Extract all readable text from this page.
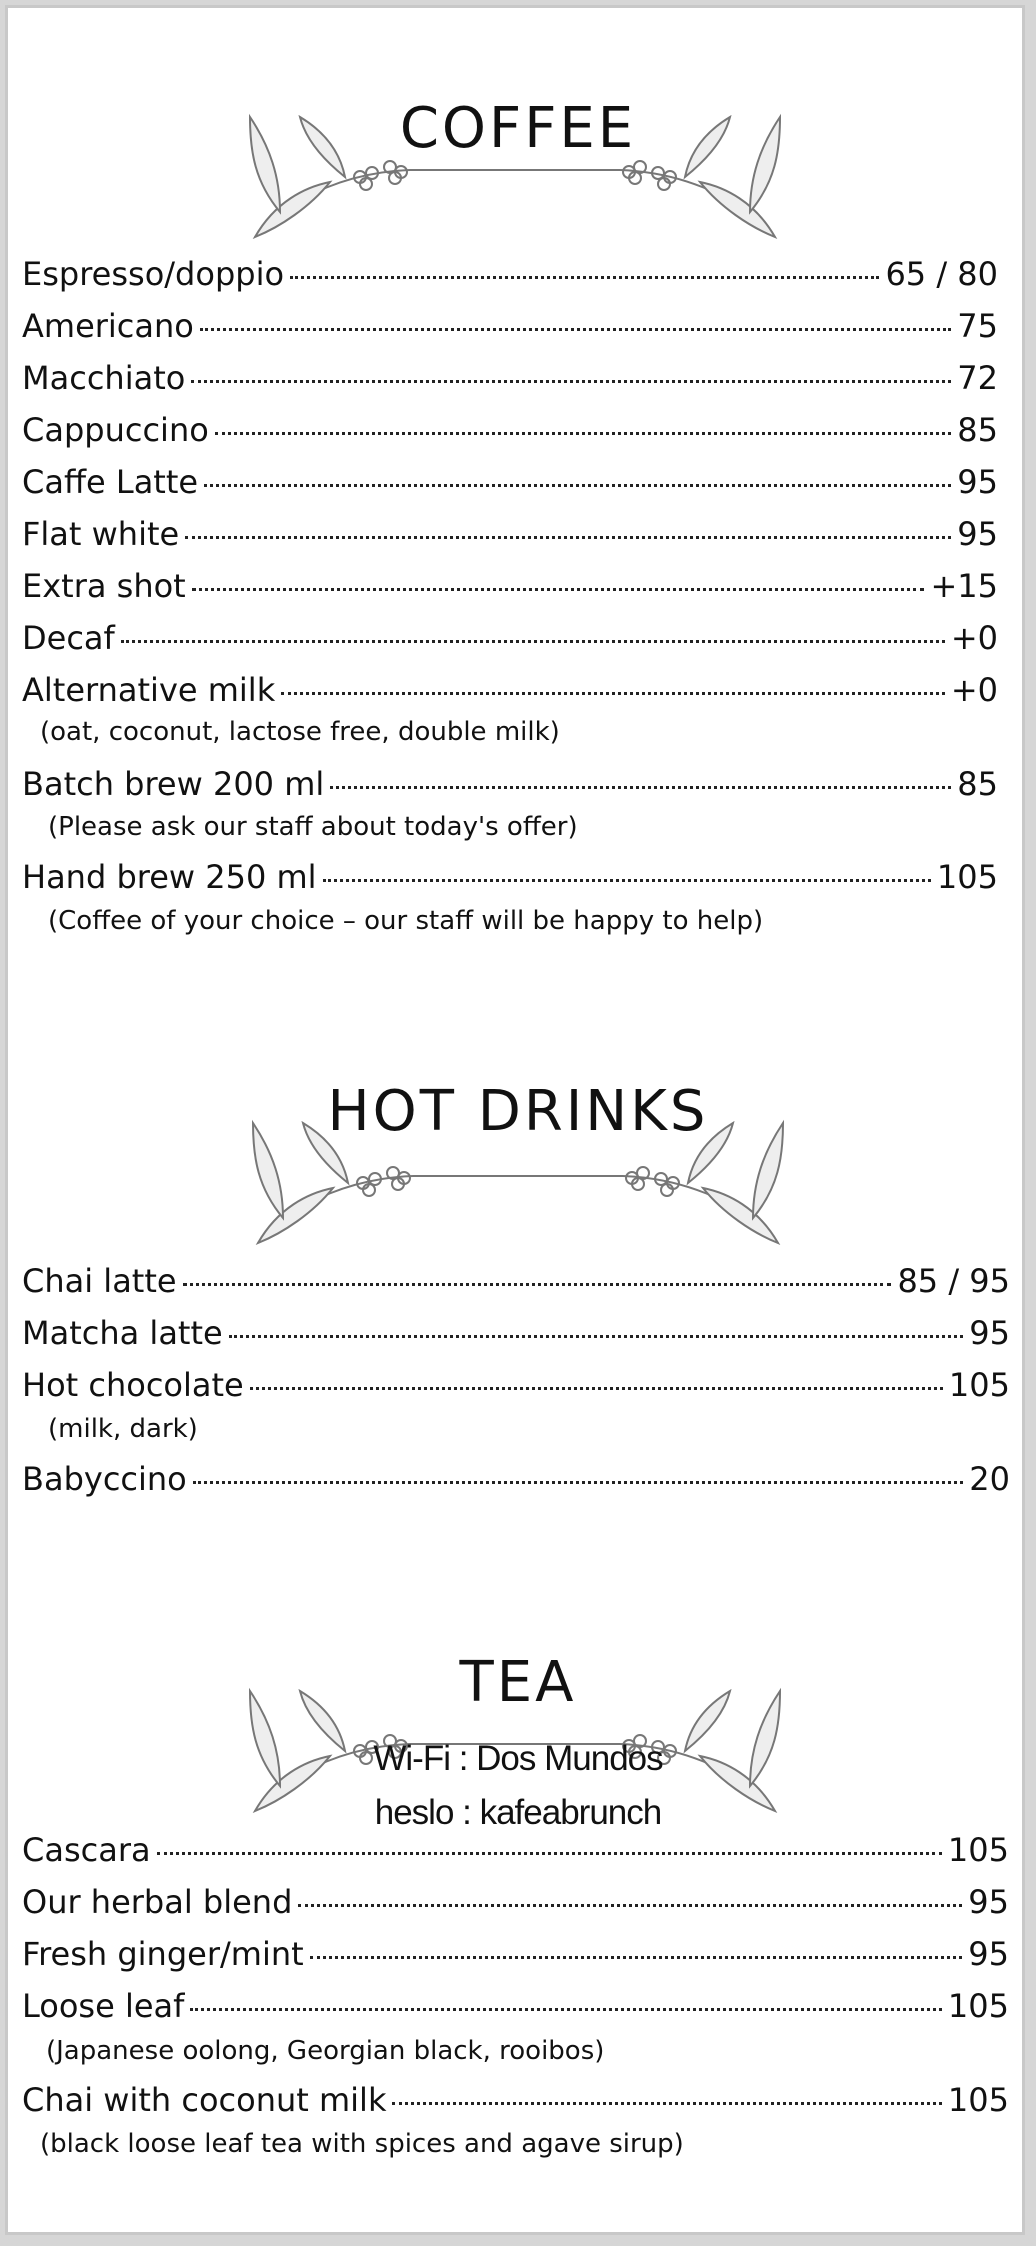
COFFEE
Espresso/doppio	65 / 80
Americano	75
Macchiato	72
Cappuccino	85
Caffe Latte	95
Flat white	95
Extra shot	+15
Decaf	+0
Alternative milk	+0
(oat, coconut, lactose free, double milk)
Batch brew 200 ml	85
(Please ask our staff about today's offer)
Hand brew 250 ml	105
(Coffee of your choice – our staff will be happy to help)
HOT DRINKS
Chai latte	85 / 95
Matcha latte	95
Hot chocolate	105
(milk, dark)
Babyccino	20
TEA
Wi-Fi : Dos Mundos
heslo : kafeabrunch
Cascara	105
Our herbal blend	95
Fresh ginger/mint	95
Loose leaf	105
(Japanese oolong, Georgian black, rooibos)
Chai with coconut milk	105
(black loose leaf tea with spices and agave sirup)
